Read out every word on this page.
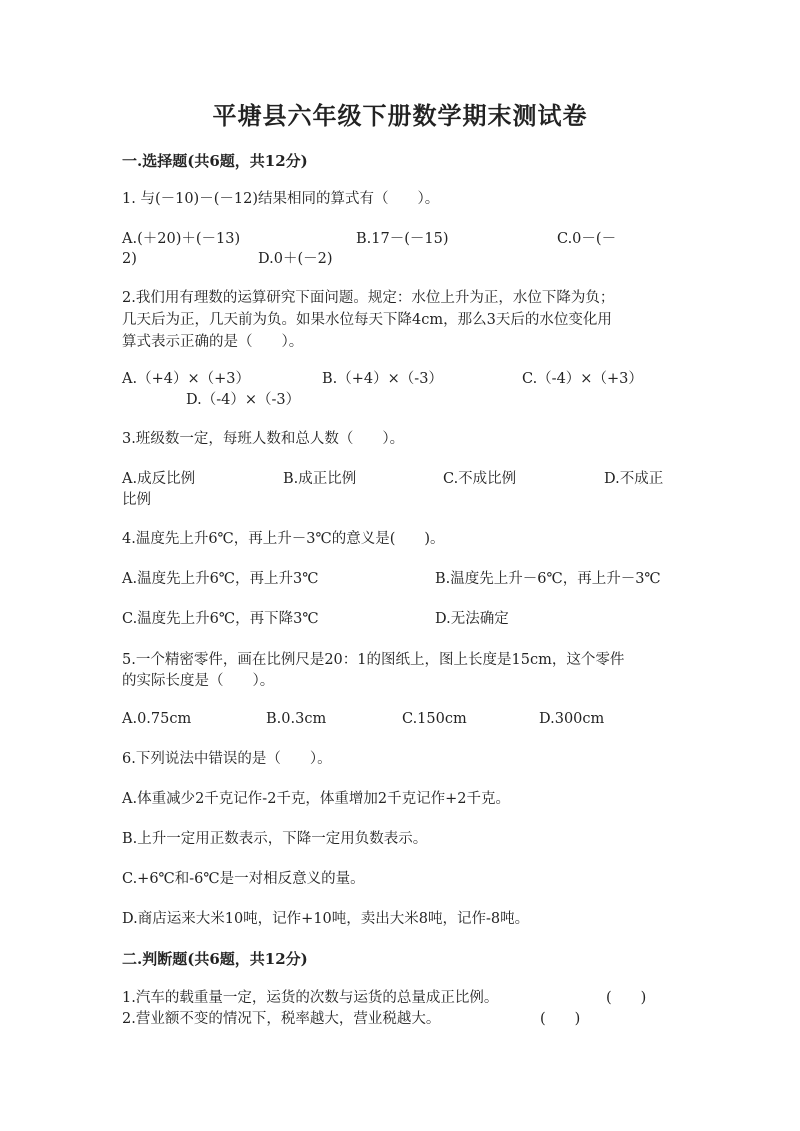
平塘县六年级下册数学期末测试卷
一.选择题(共6题，共12分)
1. 与(－10)－(－12)结果相同的算式有（　　）。
A.(＋20)＋(－13)	B.17－(－15)	C.0－(－
2)	D.0＋(－2)
2.我们用有理数的运算研究下面问题。规定：水位上升为正，水位下降为负；
几天后为正，几天前为负。如果水位每天下降4cm，那么3天后的水位变化用
算式表示正确的是（　　）。
A.（+4）×（+3）	B.（+4）×（-3）	C.（-4）×（+3）
D.（-4）×（-3）
3.班级数一定，每班人数和总人数（　　）。
A.成反比例	B.成正比例	C.不成比例	D.不成正
比例
4.温度先上升6℃，再上升－3℃的意义是(　　)。
A.温度先上升6℃，再上升3℃	B.温度先上升－6℃，再上升－3℃
C.温度先上升6℃，再下降3℃	D.无法确定
5.一个精密零件，画在比例尺是20：1的图纸上，图上长度是15cm，这个零件
的实际长度是（　　）。
A.0.75cm	B.0.3cm	C.150cm	D.300cm
6.下列说法中错误的是（　　）。
A.体重减少2千克记作-2千克，体重增加2千克记作+2千克。
B.上升一定用正数表示，下降一定用负数表示。
C.+6℃和-6℃是一对相反意义的量。
D.商店运来大米10吨，记作+10吨，卖出大米8吨，记作-8吨。
二.判断题(共6题，共12分)
1.汽车的载重量一定，运货的次数与运货的总量成正比例。	(　　)
2.营业额不变的情况下，税率越大，营业税越大。	(　　)
